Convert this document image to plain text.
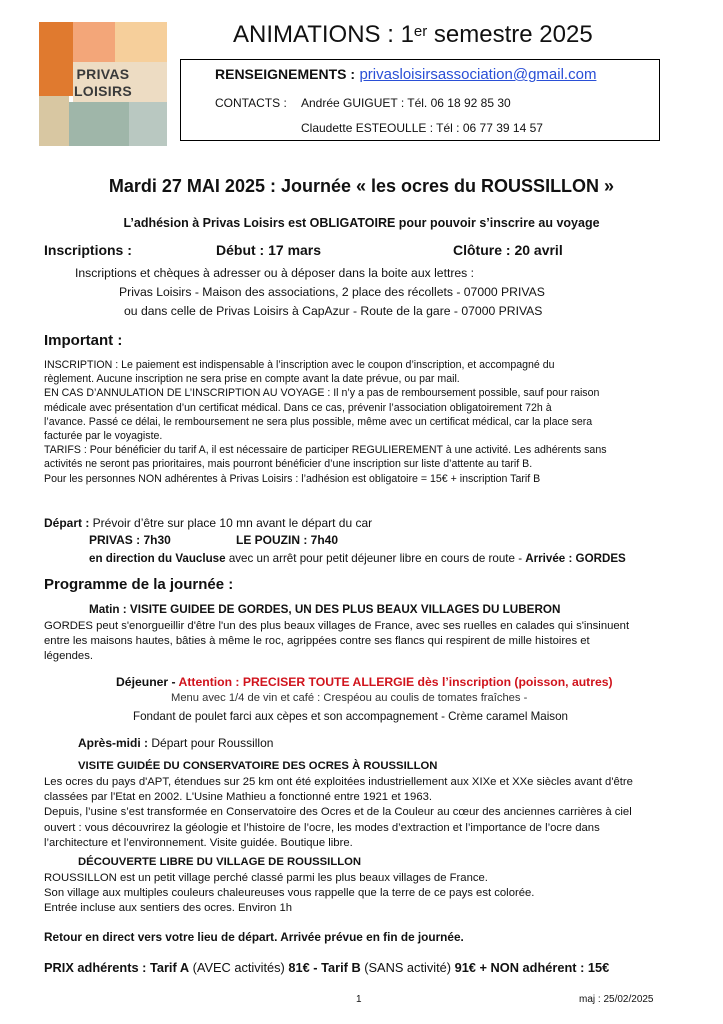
PRIVAS
LOISIRS
ANIMATIONS : 1er semestre 2025
RENSEIGNEMENTS : privasloisirsassociation@gmail.com
CONTACTS : Andrée GUIGUET : Tél. 06 18 92 85 30
Claudette ESTEOULLE : Tél : 06 77 39 14 57
Mardi 27 MAI 2025 : Journée « les ocres du ROUSSILLON »
L’adhésion à Privas Loisirs est OBLIGATOIRE pour pouvoir s’inscrire au voyage
Inscriptions :	Début : 17 mars	Clôture : 20 avril
Inscriptions et chèques à adresser ou à déposer dans la boite aux lettres :
Privas Loisirs - Maison des associations, 2 place des récollets - 07000 PRIVAS
ou dans celle de Privas Loisirs à CapAzur - Route de la gare - 07000 PRIVAS
Important :

INSCRIPTION : Le paiement est indispensable à l’inscription avec le coupon d’inscription, et accompagné du

règlement. Aucune inscription ne sera prise en compte avant la date prévue, ou par mail.

EN CAS D’ANNULATION DE L’INSCRIPTION AU VOYAGE : Il n’y a pas de remboursement possible, sauf pour raison

médicale avec présentation d’un certificat médical. Dans ce cas, prévenir l’association obligatoirement 72h à

l’avance. Passé ce délai, le remboursement ne sera plus possible, même avec un certificat médical, car la place sera

facturée par le voyagiste.

TARIFS : Pour bénéficier du tarif A, il est nécessaire de participer REGULIEREMENT à une activité. Les adhérents sans

activités ne seront pas prioritaires, mais pourront bénéficier d’une inscription sur liste d’attente au tarif B.

Pour les personnes NON adhérentes à Privas Loisirs : l’adhésion est obligatoire = 15€ + inscription Tarif B

Départ : Prévoir d’être sur place 10 mn avant le départ du car
PRIVAS : 7h30	LE POUZIN : 7h40
en direction du Vaucluse avec un arrêt pour petit déjeuner libre en cours de route - Arrivée : GORDES
Programme de la journée :
Matin : VISITE GUIDEE DE GORDES, UN DES PLUS BEAUX VILLAGES DU LUBERON

GORDES peut s'enorgueillir d'être l'un des plus beaux villages de France, avec ses ruelles en calades qui s'insinuent

entre les maisons hautes, bâties à même le roc, agrippées contre ses flancs qui respirent de mille histoires et

légendes.

Déjeuner - Attention : PRECISER TOUTE ALLERGIE dès l’inscription (poisson, autres)
Menu avec 1/4 de vin et café : Crespéou au coulis de tomates fraîches -
Fondant de poulet farci aux cèpes et son accompagnement - Crème caramel Maison
Après-midi : Départ pour Roussillon
VISITE GUIDÉE DU CONSERVATOIRE DES OCRES À ROUSSILLON

Les ocres du pays d'APT, étendues sur 25 km ont été exploitées industriellement aux XIXe et XXe siècles avant d'être

classées par l'Etat en 2002. L'Usine Mathieu a fonctionné entre 1921 et 1963.

Depuis, l’usine s’est transformée en Conservatoire des Ocres et de la Couleur au cœur des anciennes carrières à ciel

ouvert : vous découvrirez la géologie et l’histoire de l’ocre, les modes d’extraction et l’importance de l’ocre dans

l’architecture et l’environnement. Visite guidée. Boutique libre.

DÉCOUVERTE LIBRE DU VILLAGE DE ROUSSILLON

ROUSSILLON est un petit village perché classé parmi les plus beaux villages de France.

Son village aux multiples couleurs chaleureuses vous rappelle que la terre de ce pays est colorée.

Entrée incluse aux sentiers des ocres. Environ 1h

Retour en direct vers votre lieu de départ. Arrivée prévue en fin de journée.
PRIX adhérents : Tarif A (AVEC activités) 81€ - Tarif B (SANS activité) 91€ + NON adhérent : 15€
1	maj : 25/02/2025
